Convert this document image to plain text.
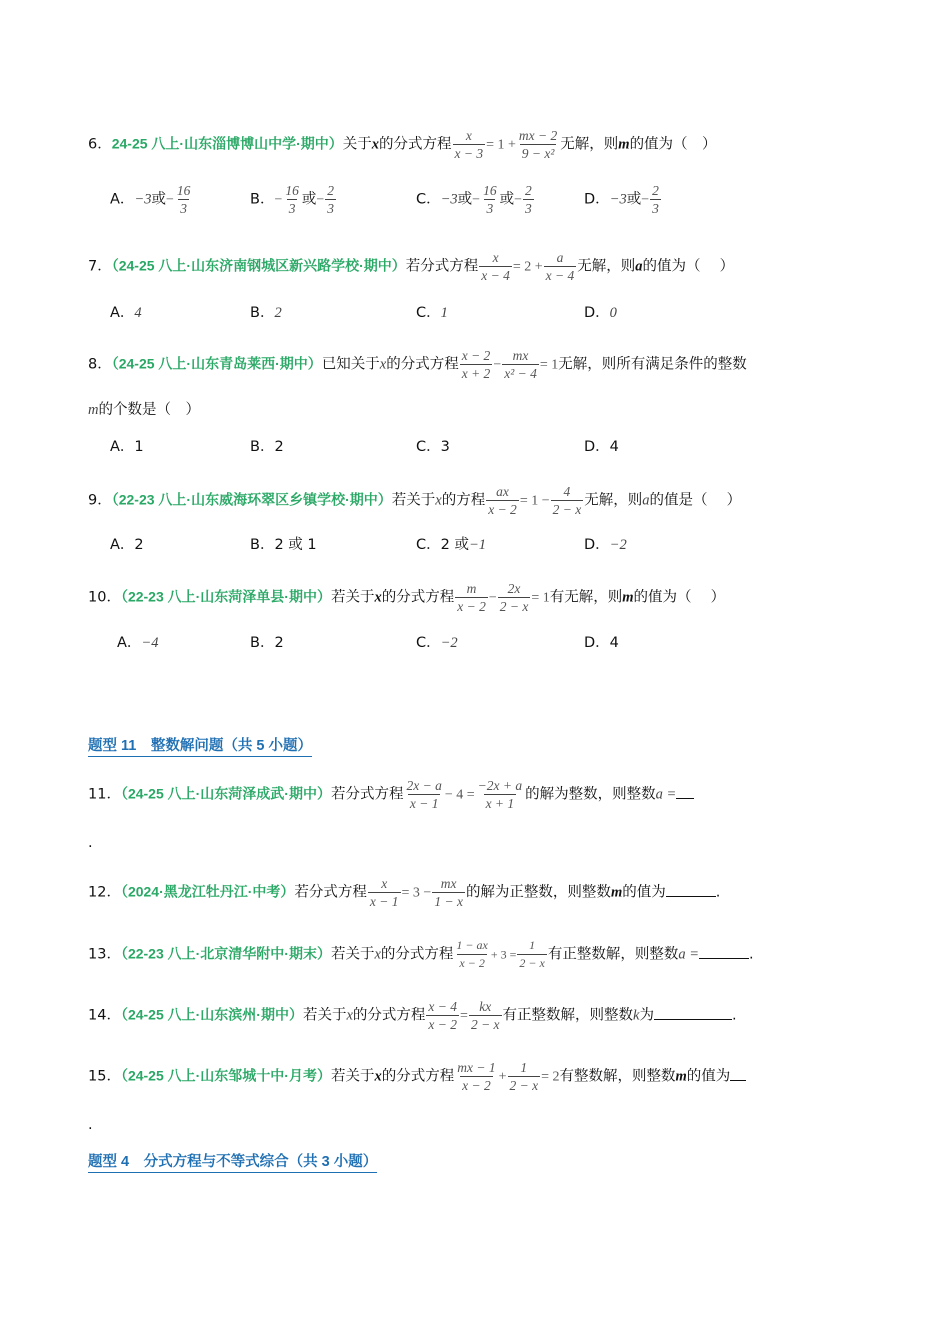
6．24-25 八上·山东淄博博山中学·期中）关于x的分式方程 $\frac{x}{x - 3} = 1 + \frac{mx - 2}{\text{9 − x²}}$ 无解，则m的值为（　）
A．−3或− $\frac{16}{3}$	B．− $\frac{16}{3}$ 或− $\frac{2}{3}$	C．−3或− $\frac{16}{3}$ 或− $\frac{2}{3}$	D．−3或− $\frac{2}{3}$
7．（24-25 八上·山东济南钢城区新兴路学校·期中）若分式方程 $\frac{x}{x - 4} = 2 + \frac{a}{x - 4}$ 无解，则a的值为（　 ）
A．4	B．2	C．1	D．0
8．（24-25 八上·山东青岛莱西·期中）已知关于x的分式方程 $\frac{x - 2}{x + 2} - \frac{mx}{\text{x² − 4}} = 1$无解，则所有满足条件的整数
m的个数是（　）
A．1	B．2	C．3	D．4
9．（22-23 八上·山东威海环翠区乡镇学校·期中）若关于x的方程 $\frac{ax}{x - 2} = 1 - \frac{4}{2 - x}$ 无解，则a的值是（　 ）
A．2	B．2 或 1	C．2 或−1	D．−2
10．（22-23 八上·山东菏泽单县·期中）若关于x的分式方程 $\frac{m}{x - 2} - \frac{2x}{2 - x} = 1$有无解，则m的值为（　 ）
A．−4	B．2	C．−2	D．4
题型 11　整数解问题（共 5 小题）
11．（24-25 八上·山东菏泽成武·期中）若分式方程 $\frac{2x - a}{x - 1} - 4 = \frac{-2x + a}{x + 1}$ 的解为整数，则整数a =
.
12．（2024·黑龙江牡丹江·中考）若分式方程 $\frac{x}{x - 1} = 3 - \frac{mx}{1 - x}$ 的解为正整数，则整数m的值为	.
13．（22-23 八上·北京清华附中·期末）若关于x的分式方程 $\frac{1 - ax}{x - 2} + 3 = \frac{1}{2 - x}$ 有正整数解，则整数a =	.
14．（24-25 八上·山东滨州·期中）若关于x的分式方程 $\frac{x - 4}{x - 2} = \frac{kx}{2 - x}$ 有正整数解，则整数k为	.
15．（24-25 八上·山东邹城十中·月考）若关于x的分式方程 $\frac{mx - 1}{x - 2} + \frac{1}{2 - x} = 2$有整数解，则整数m的值为
.
题型 4　分式方程与不等式综合（共 3 小题）
